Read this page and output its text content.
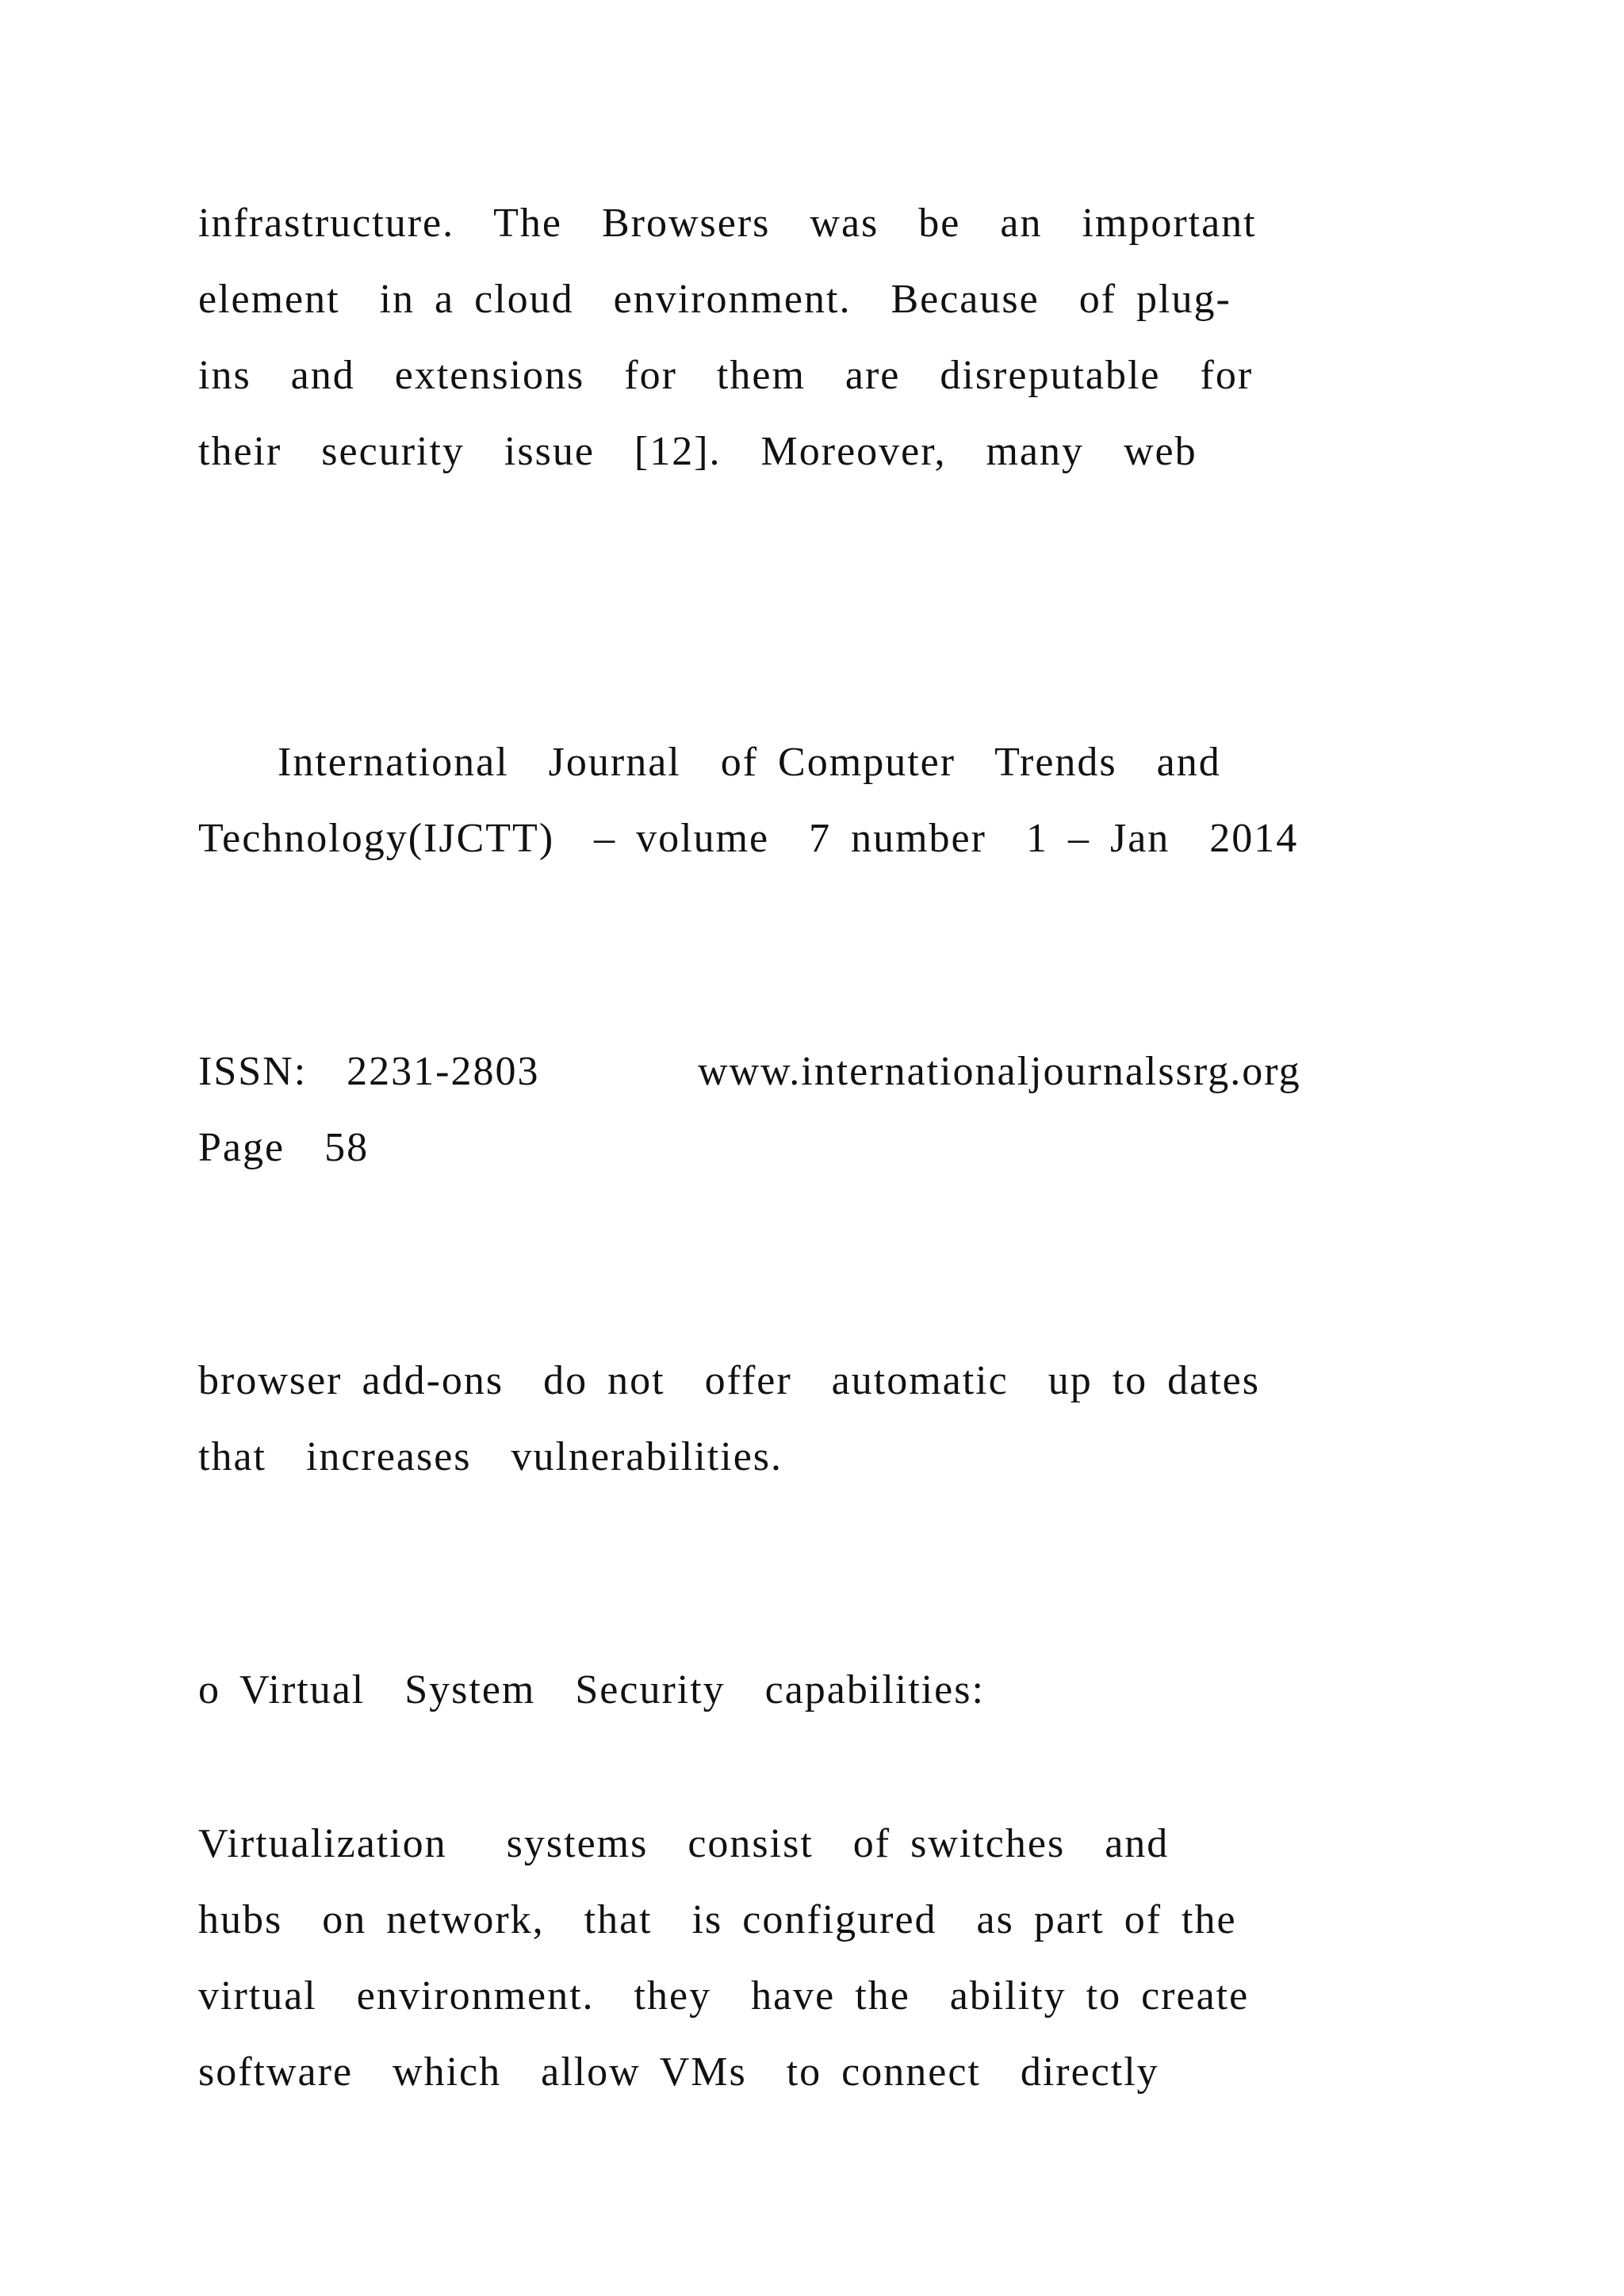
infrastructure.  The  Browsers  was  be  an  important
element  in a cloud  environment.  Because  of plug-
ins  and  extensions  for  them  are  disreputable  for
their  security  issue  [12].  Moreover,  many  web
International  Journal  of Computer  Trends  and
Technology(IJCTT)  – volume  7 number  1 – Jan  2014
ISSN:  2231-2803	www.internationaljournalssrg.org
Page  58
browser add-ons  do not  offer  automatic  up to dates
that  increases  vulnerabilities.
o Virtual  System  Security  capabilities:
Virtualization   systems  consist  of switches  and
hubs  on network,  that  is configured  as part of the
virtual  environment.  they  have the  ability to create
software  which  allow VMs  to connect  directly
